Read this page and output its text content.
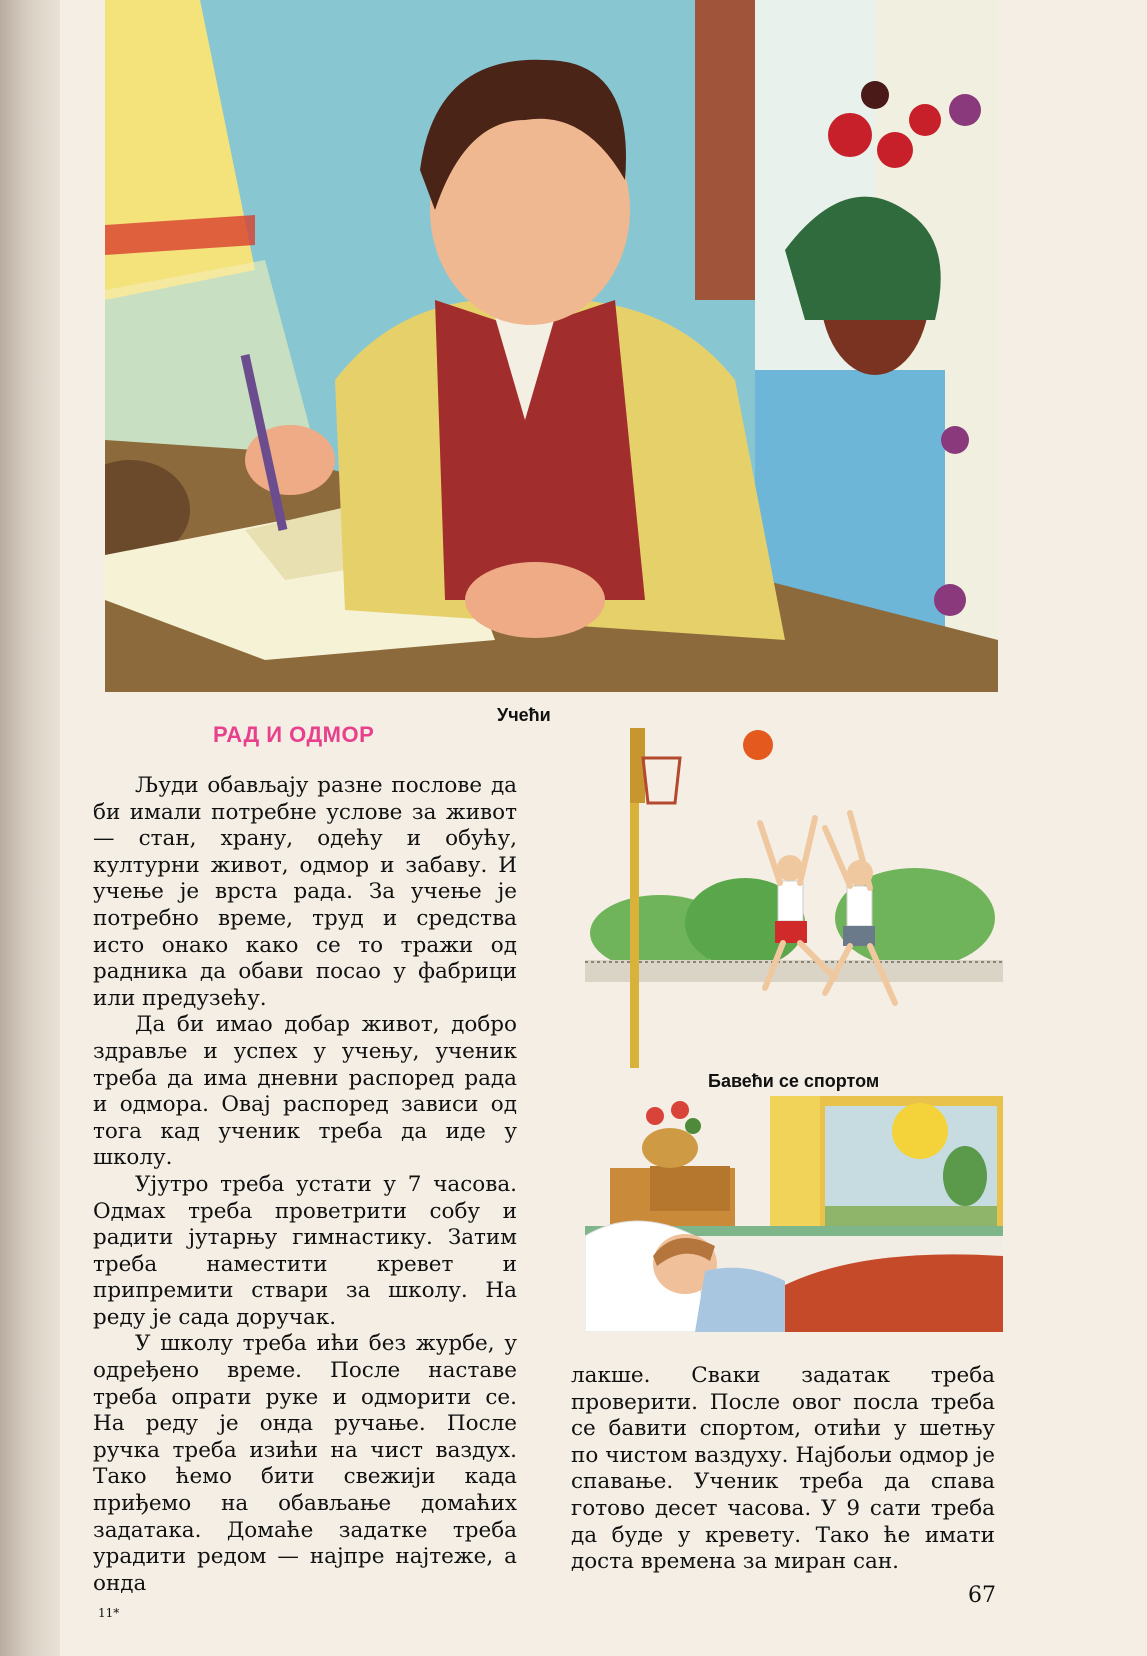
Учећи
РАД И ОДМОР

Људи обављају разне послове да би имали потребне услове за живот — стан, храну, одећу и обућу, културни живот, одмор и забаву. И учење је врста рада. За учење је потребно време, труд и средства исто онако како се то тражи од радника да обави посао у фабрици или предузећу.

Да би имао добар живот, добро здравље и успех у учењу, ученик треба да има дневни распоред рада и одмора. Овај распоред зависи од тога кад ученик треба да иде у школу.

Ујутро треба устати у 7 часова. Одмах треба проветрити собу и радити јутарњу гимнастику. Затим треба наместити кревет и припремити ствари за школу. На реду је сада доручак.

У школу треба ићи без журбе, у одређено време. После наставе треба опрати руке и одморити се. На реду је онда ручање. После ручка треба изићи на чист ваздух. Тако ћемо бити свежији када приђемо на обављање домаћих задатака. Домаће задатке треба урадити редом — најпре најтеже, а онда

Бавећи се спортом

лакше. Сваки задатак треба проверити. После овог посла треба се бавити спортом, отићи у шетњу по чистом ваздуху. Најбољи одмор је спавање. Ученик треба да спава готово десет часова. У 9 сати треба да буде у кревету. Тако ће имати доста времена за миран сан.

67
11*
